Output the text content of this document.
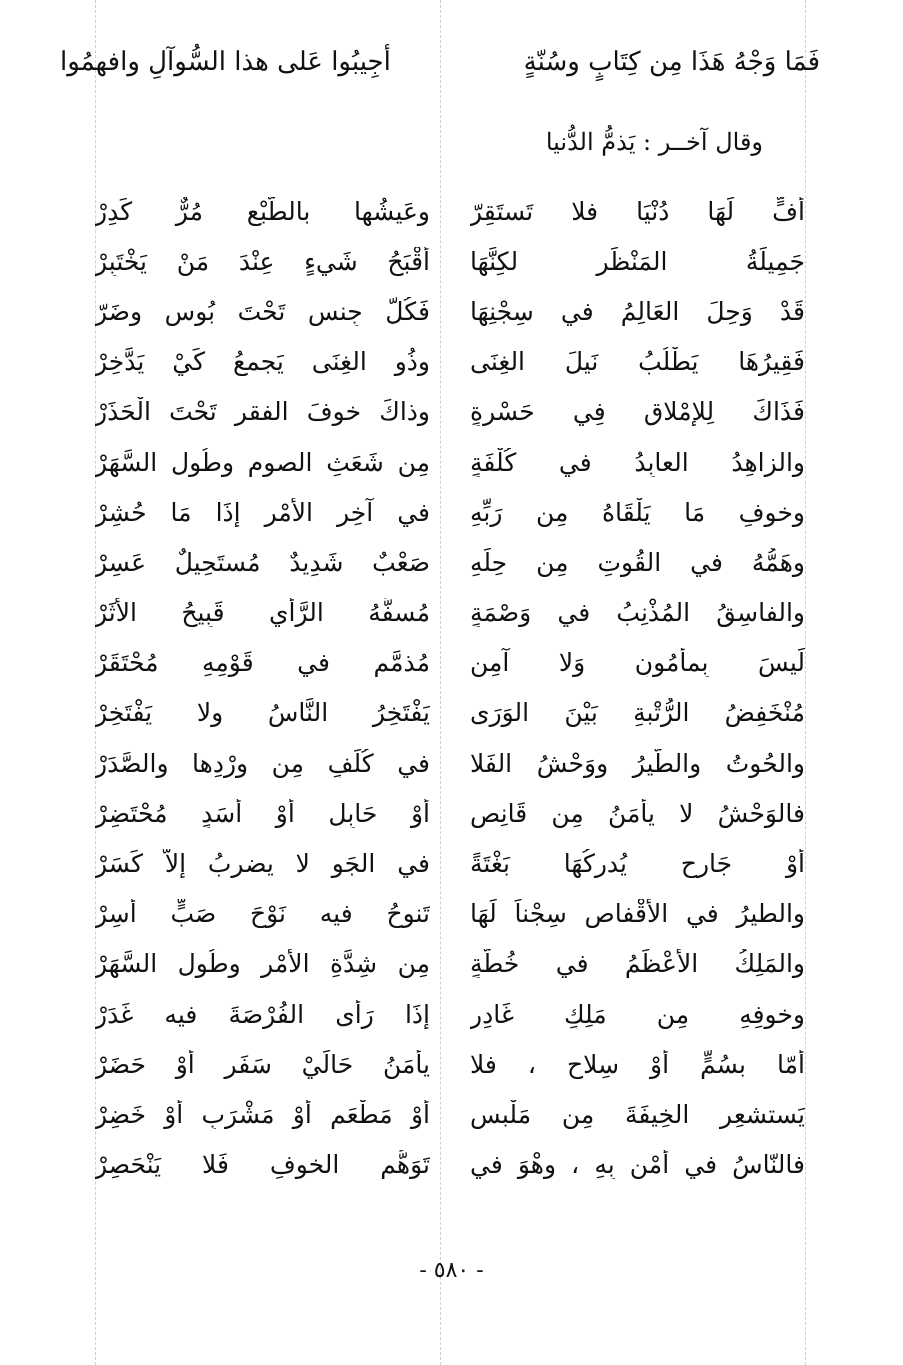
فَمَا وَجْهُ هَذَا مِن كِتَابٍ وسُنّةٍ
أجِيبُوا عَلى هذا السُّوآلِ وافهمُوا
وقال آخــر : يَذمُّ الدُّنيا
أُفٍّ لَهَا دُنْيَا فلا تَستَقِرّ
وعَيشُها بالطَّبْعِ مُرٌّ كَدِرْ
جَمِيلَةُ المَنْظَرِ لكِنَّهَا
أقْبَحُ شَيءٍ عِنْدَ مَنْ يَخْتَبِرْ
قَدْ وَحِلَ العَالِمُ في سِجْنِهَا
فَكُلُّ جِنسٍ تَحْتَ بُوسٍ وضَرّ
فَقِيرُهَا يَطْلُبُ نَيلَ الغِنَى
وذُو الغِنَى يَجمعُ كَيْ يَدَّخِرْ
فَذَاكَ لِلإمْلاقِ فِي حَسْرةٍ
وذاكَ خوفَ الفقرِ تَحْتَ الْحَذَرْ
والزاهِدُ العابِدُ في كُلْفَةٍ
مِن شَعَثِ الصومِ وطُولِ السَّهَرْ
وخوفِ مَا يَلْقَاهُ مِن رَبِّهِ
في آخِرِ الأمْرِ إذَا مَا حُشِرْ
وهَمُّهُ في القُوتِ مِن حِلِّهِ
صَعْبٌ شَدِيدٌ مُستَحِيلٌ عَسِرْ
والفاسِقُ المُذْنِبُ في وَصْمَةٍ
مُسفَّهُ الرَّأيِ قَبِيحُ الأثَرْ
لَيسَ بِمأمُونٍ وَلا آمِنٍ
مُذمَّمٍ في قَوْمِهِ مُحْتَقَرْ
مُنْخَفِضُ الرُّتْبةِ بَيْنَ الوَرَى
يَفْتَخِرُ النَّاسُ ولا يَفْتَخِرْ
والحُوتُ والطَّيرُ ووَحْشُ الفَلا
في كُلَفٍ مِن وِرْدِها والصَّدَرْ
فالوَحْشُ لا يأمَنُ مِن قَانِصٍ
أوْ حَابِلٍ أوْ أسَدٍ مُحْتَضِرْ
أوْ جَارِحٍ يُدرِكُهَا بَغْتَةً
في الجَوِ لا يضرِبُ إلاّ كَسَرْ
والطيرُ في الأقْفاصِ سِجْناً لَهَا
تَنوحُ فيه نَوْحَ صَبٍّ أسِرْ
والمَلِكُ الأعْظَمُ في خُطَّةٍ
مِن شِدَّةِ الأمْرِ وطُولِ السَّهَرْ
وخوفِهِ مِن مَلِكٍ غَادِرٍ
إذَا رَأَى الفُرْصَةَ فيه غَدَرْ
أمّا بسُمٍّ أوْ سِلاحٍ ، فلا
يأمَنُ حَالَيْ سَفَرٍ أوْ حَضَرْ
يَستشعِرِ الخِيفَةَ مِن مَلْبسٍ
أوْ مَطْعَمٍ أوْ مَشْرَبٍ أوْ خَضِرْ
فالنّاسُ في أمْنٍ بِهِ ، وهْوَ في
تَوَهُّمِ الخوفِ فَلا يَنْحَصِرْ
- ٥٨٠ -
